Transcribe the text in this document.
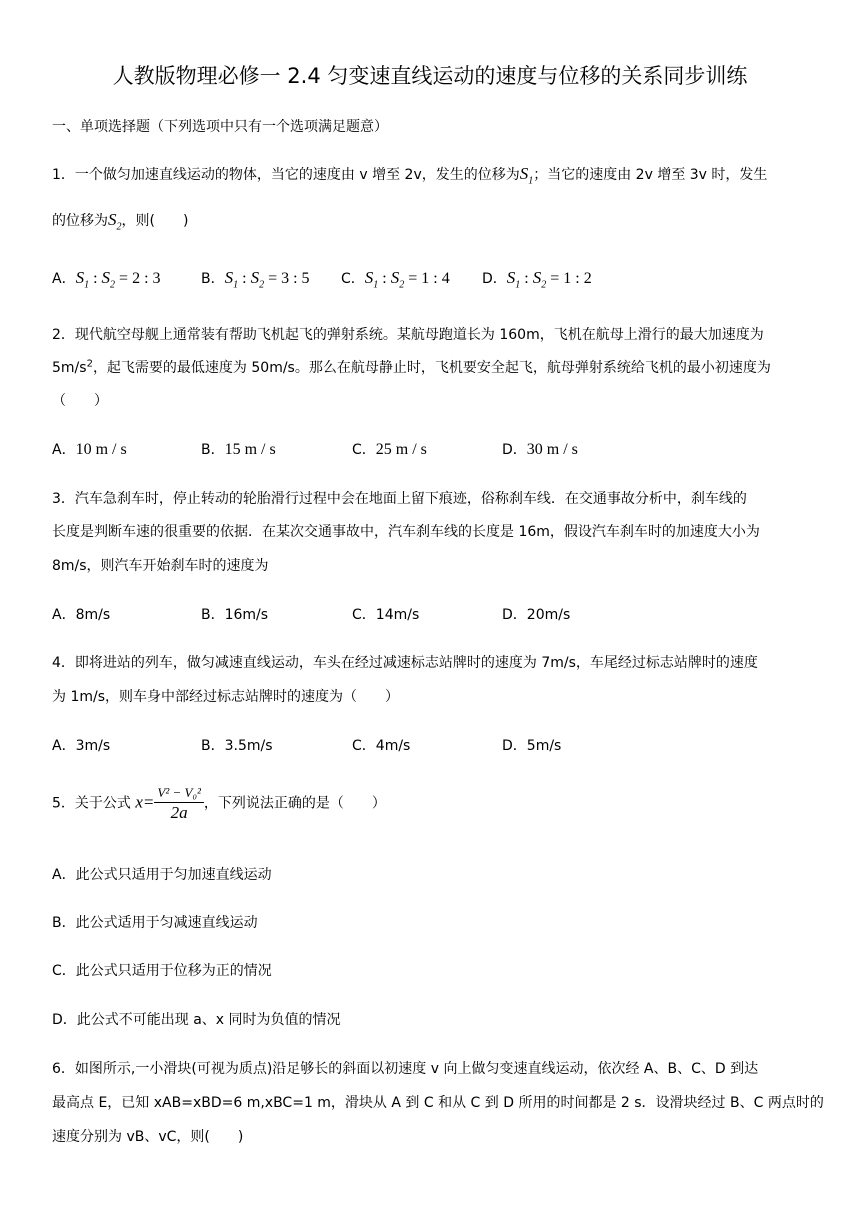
人教版物理必修一 2.4 匀变速直线运动的速度与位移的关系同步训练
一、单项选择题（下列选项中只有一个选项满足题意）
1．一个做匀加速直线运动的物体，当它的速度由 v 增至 2v，发生的位移为$S_1$；当它的速度由 2v 增至 3v 时，发生
的位移为$S_2$，则(　　)
A．$S_1$ : $S_2 = 2$ : 3	B．$S_1$ : $S_2 = 3$ : 5 C．$S_1$ : $S_2 = 1$ : 4 D．$S_1$ : $S_2 = 1$ : 2
2．现代航空母舰上通常装有帮助飞机起飞的弹射系统。某航母跑道长为 160m，飞机在航母上滑行的最大加速度为
$5m/s^2$，起飞需要的最低速度为 50m/s。那么在航母静止时，飞机要安全起飞，航母弹射系统给飞机的最小初速度为
（　　）
A．10 m / s	B．15 m / s	C．25 m / s	D．30 m / s
3．汽车急刹车时，停止转动的轮胎滑行过程中会在地面上留下痕迹，俗称刹车线．在交通事故分析中，刹车线的
长度是判断车速的很重要的依据．在某次交通事故中，汽车刹车线的长度是 16m，假设汽车刹车时的加速度大小为
8m/s，则汽车开始刹车时的速度为
A．8m/s	B．16m/s	C．14m/s	D．20m/s
4．即将进站的列车，做匀减速直线运动，车头在经过减速标志站牌时的速度为 7m/s，车尾经过标志站牌时的速度
为 1m/s，则车身中部经过标志站牌时的速度为（　　）
A．3m/s	B．3.5m/s	C．4m/s	D．5m/s
5．关于公式 $x= \frac{\text{V² − V₀²}}{2a}$ ，下列说法正确的是（　　）
A．此公式只适用于匀加速直线运动
B．此公式适用于匀减速直线运动
C．此公式只适用于位移为正的情况
D．此公式不可能出现 a、x 同时为负值的情况
6．如图所示,一小滑块(可视为质点)沿足够长的斜面以初速度 v 向上做匀变速直线运动，依次经 A、B、C、D 到达
最高点 E，已知 xAB=xBD=6 m,xBC=1 m，滑块从 A 到 C 和从 C 到 D 所用的时间都是 2 s．设滑块经过 B、C 两点时的
速度分别为 vB、vC，则(　　)
